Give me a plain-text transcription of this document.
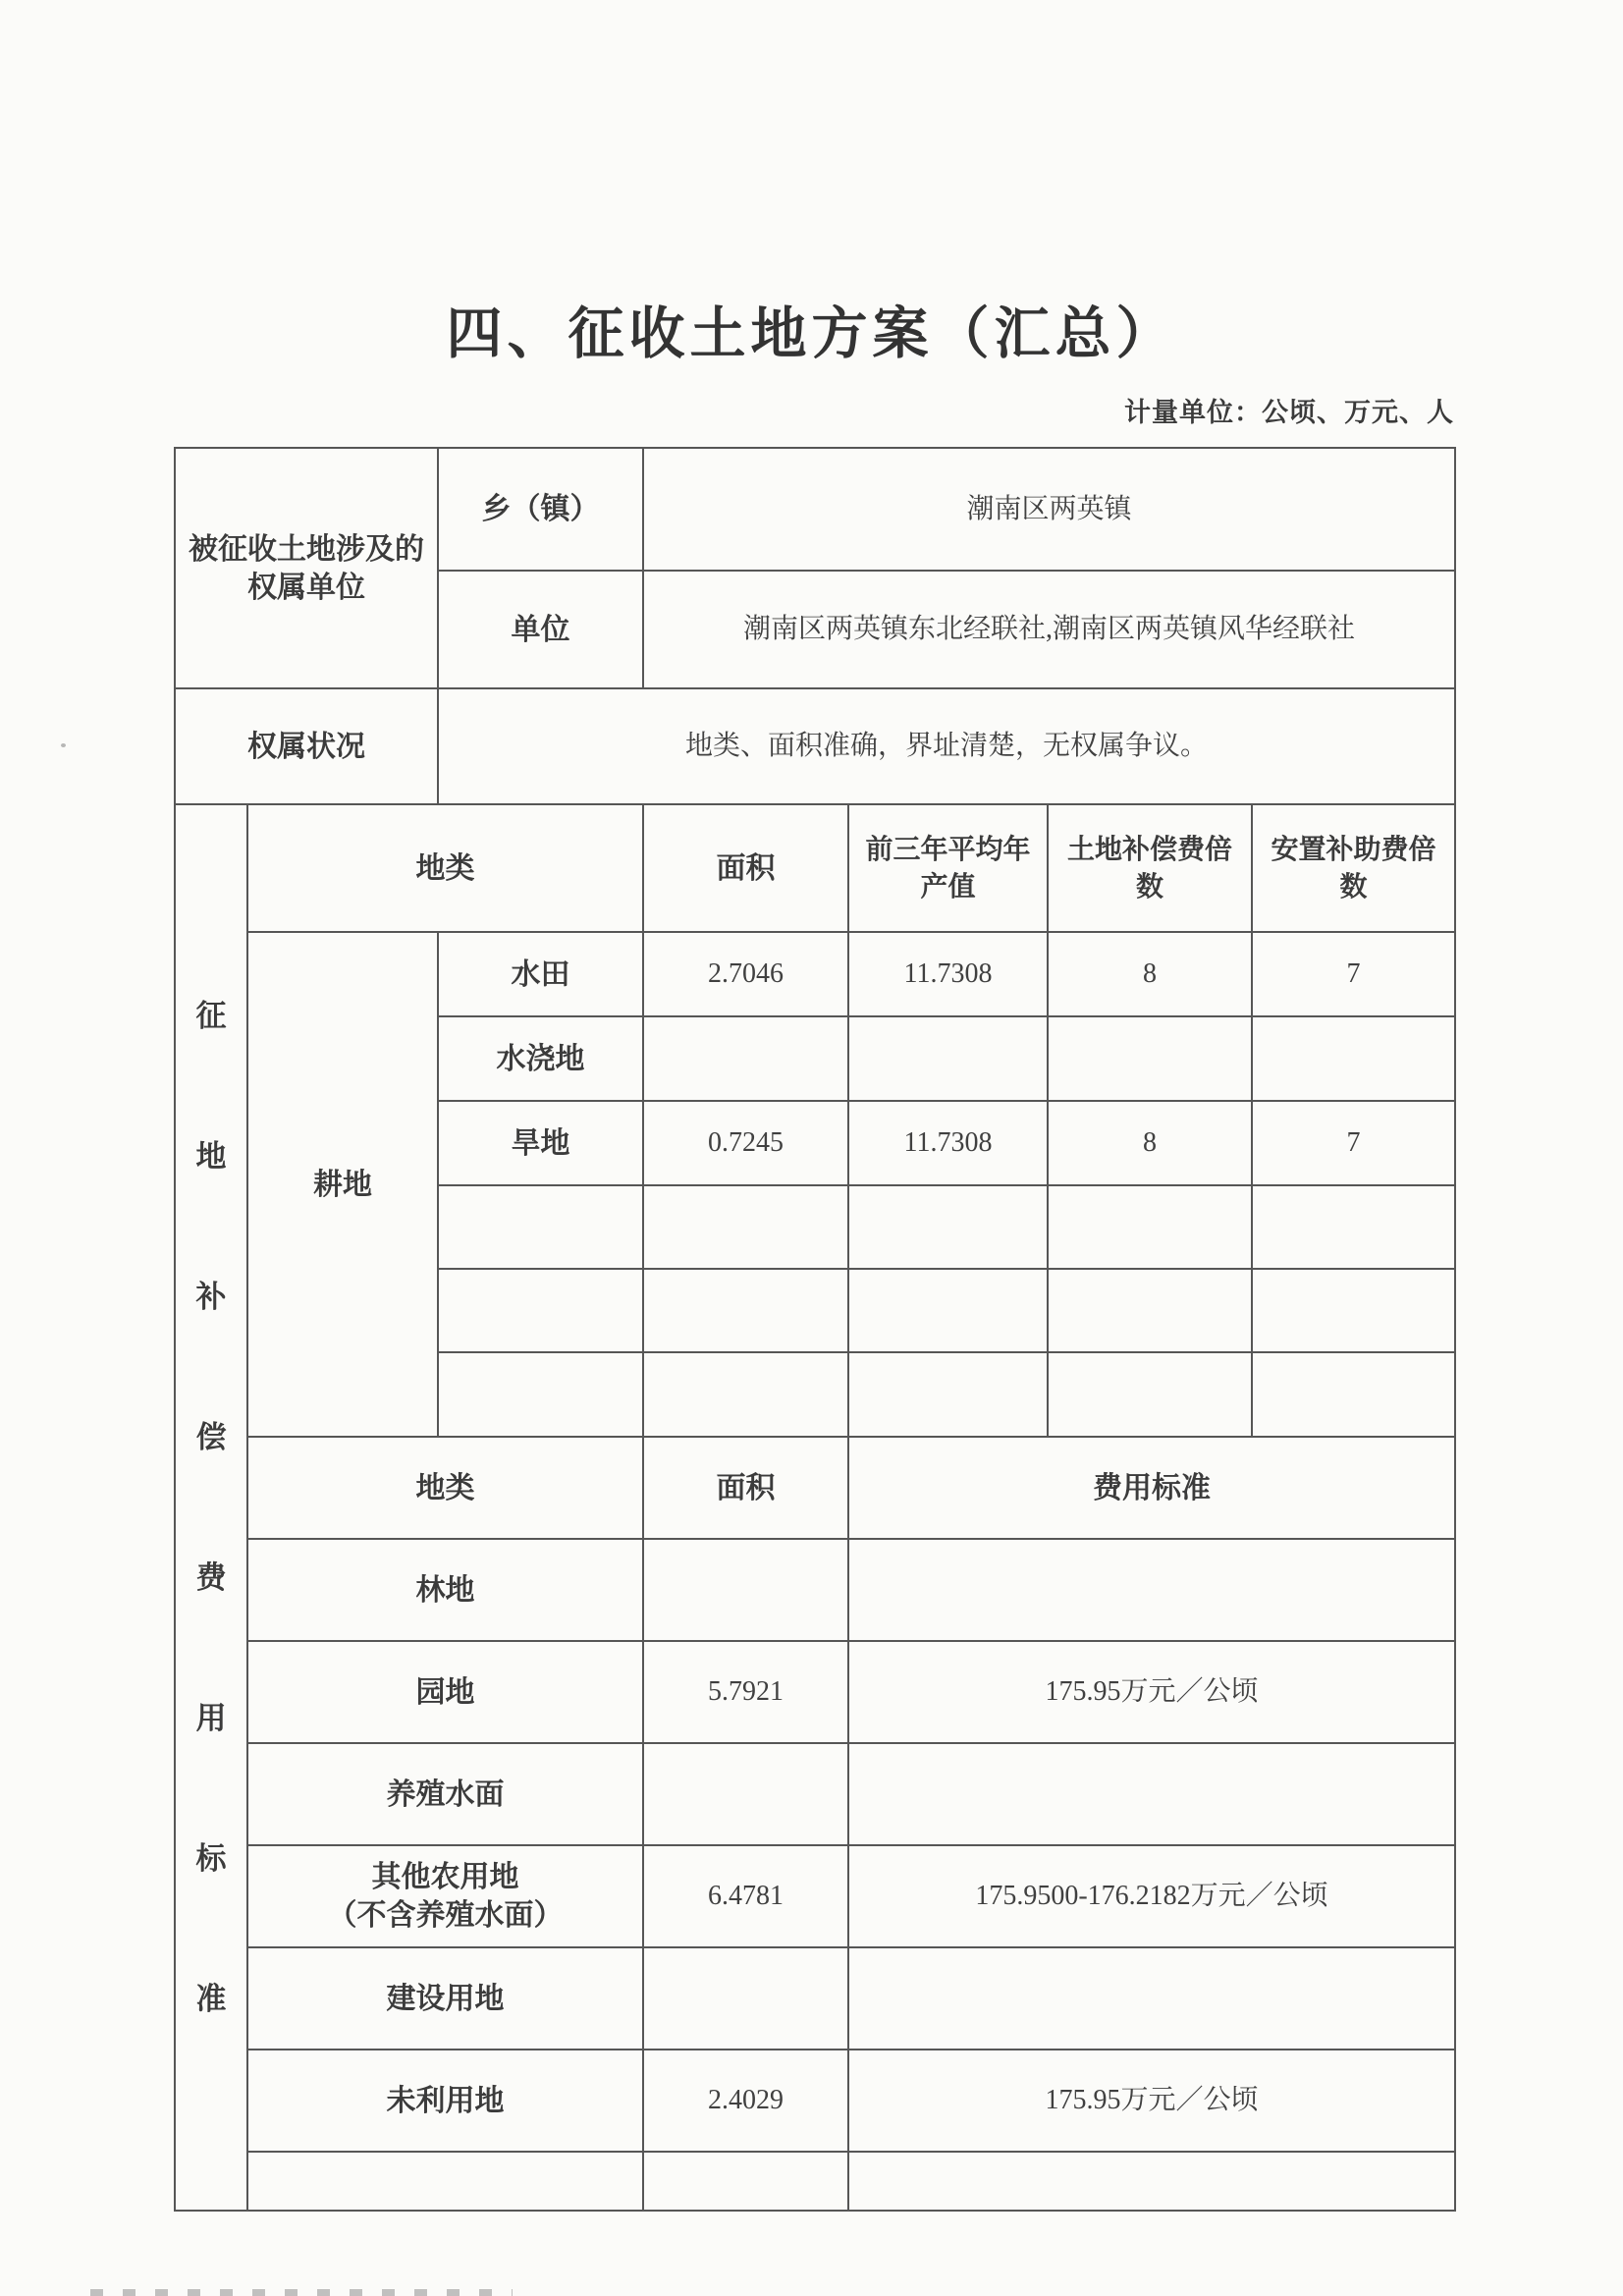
四、征收土地方案（汇总）
计量单位：公顷、万元、人
被征收土地涉及的权属单位		乡（镇）	潮南区两英镇			
		单位	潮南区两英镇东北经联社,潮南区两英镇风华经联社			
权属状况		地类、面积准确，界址清楚，无权属争议。				

征
地
补
偿
费
用
标
准
	地类	面积	前三年平均年产值	土地补偿费倍数	安置补助费倍数
	耕地	水田	2.7046	11.7308	8	7
		水浇地				
		旱地	0.7245	11.7308	8	7

	地类		面积	费用标准		
	林地					
	园地		5.7921	175.95万元／公顷		
	养殖水面					

	其他农用地
（不含养殖水面）		6.4781	175.9500-176.2182万元／公顷		
	建设用地					
	未利用地		2.4029	175.95万元／公顷		
